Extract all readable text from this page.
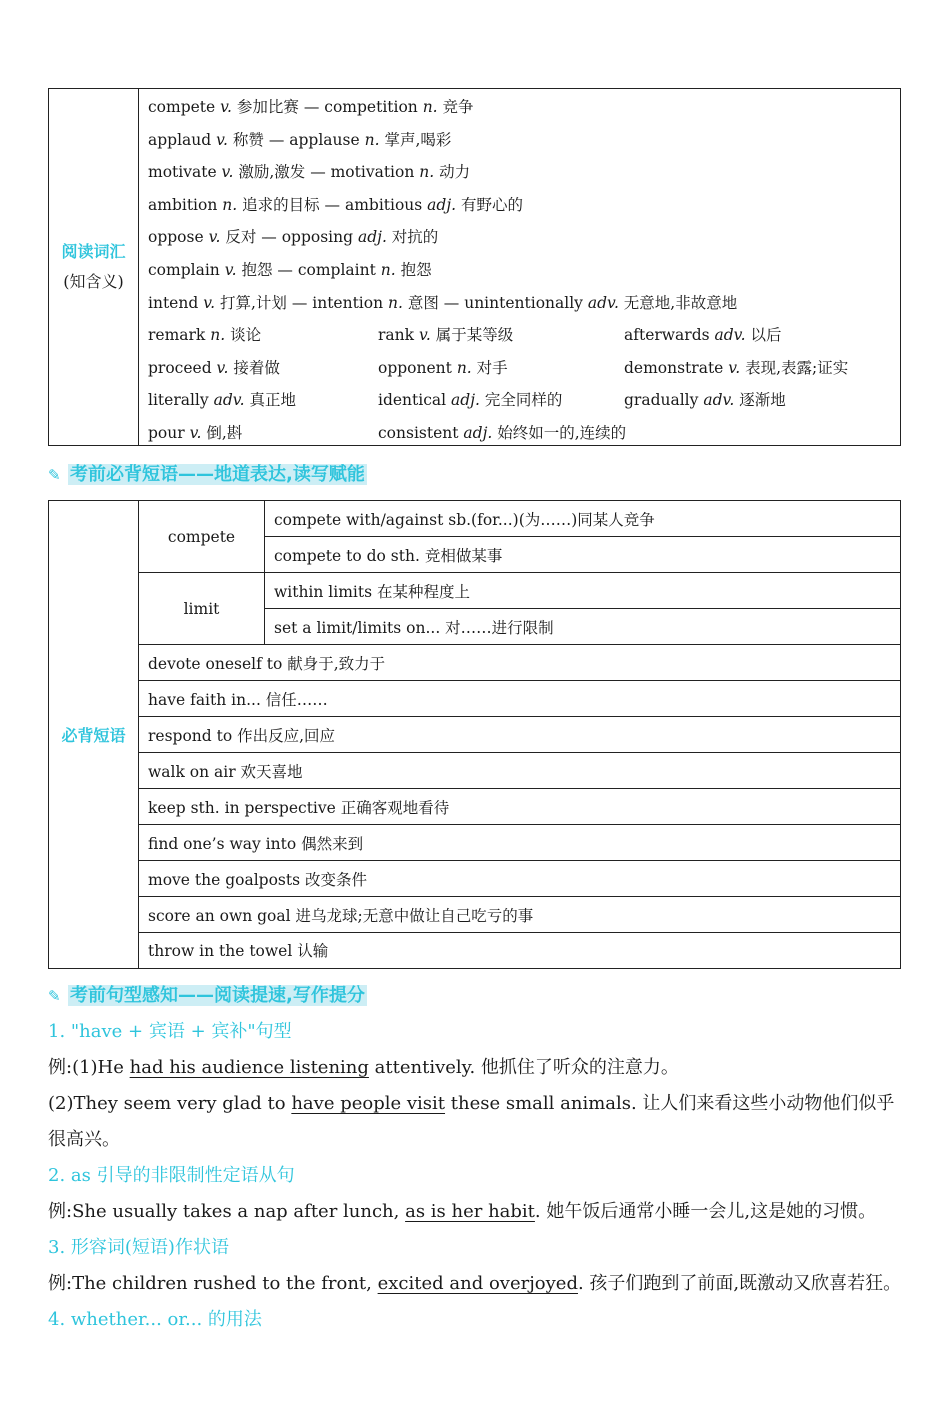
阅读词汇
(知含义)
compete v. 参加比赛 — competition n. 竞争
applaud v. 称赞 — applause n. 掌声,喝彩
motivate v. 激励,激发 — motivation n. 动力
ambition n. 追求的目标 — ambitious adj. 有野心的
oppose v. 反对 — opposing adj. 对抗的
complain v. 抱怨 — complaint n. 抱怨
intend v. 打算,计划 — intention n. 意图 — unintentionally adv. 无意地,非故意地
remark n. 谈论	rank v. 属于某等级	afterwards adv. 以后
proceed v. 接着做	opponent n. 对手	demonstrate v. 表现,表露;证实
literally adv. 真正地	identical adj. 完全同样的	gradually adv. 逐渐地
pour v. 倒,斟	consistent adj. 始终如一的,连续的
✎ 考前必背短语——地道表达,读写赋能
必背短语
compete
compete with/against sb.(for...)(为……)同某人竞争
compete to do sth. 竞相做某事
limit
within limits 在某种程度上
set a limit/limits on... 对……进行限制
devote oneself to 献身于,致力于
have faith in... 信任……
respond to 作出反应,回应
walk on air 欢天喜地
keep sth. in perspective 正确客观地看待
find one’s way into 偶然来到
move the goalposts 改变条件
score an own goal 进乌龙球;无意中做让自己吃亏的事
throw in the towel 认输
✎ 考前句型感知——阅读提速,写作提分
1. "have + 宾语 + 宾补"句型
例:(1)He had his audience listening attentively. 他抓住了听众的注意力。
(2)They seem very glad to have people visit these small animals. 让人们来看这些小动物他们似乎
很高兴。
2. as 引导的非限制性定语从句
例:She usually takes a nap after lunch, as is her habit. 她午饭后通常小睡一会儿,这是她的习惯。
3. 形容词(短语)作状语
例:The children rushed to the front, excited and overjoyed. 孩子们跑到了前面,既激动又欣喜若狂。
4. whether... or... 的用法
